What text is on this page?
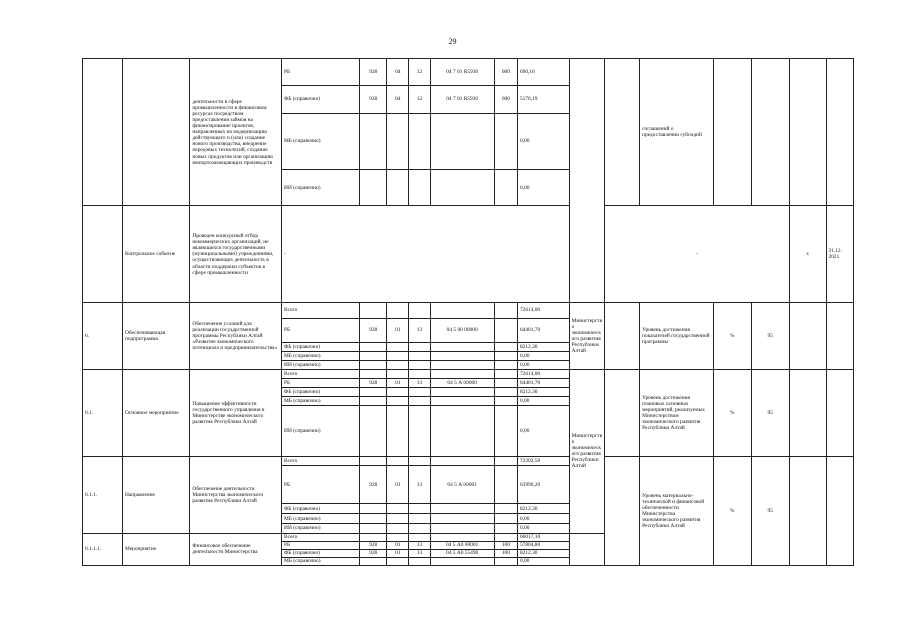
29
		деятельности в сфере промышленности в финансовом ресурсах посредством предоставления займов на финансирование проектов, направленных на модернизацию действующего и (или) создание нового производства, внедрение передовых технологий, создание новых продуктов или организацию импортозамещающих производств	РБ	928	04	12	04 7 01 R5930	600	690,16			соглашений о предоставлении субсидий				
			ФБ (справочно)	928	04	12	04 7 01 R5930	600	5176,19							
			МБ (справочно)						0,00							
			ИИ (справочно)						0,00							
	Контрольное событие	Проведен конкурсный отбор некоммерческих организаций, не являющихся государственными (муниципальными) учреждениями, осуществляющих деятельность в области поддержки субъектов в сфере промышленности	-								-				x	31.12. 2021
6.	Обеспечивающая подпрограмма	Обеспечение условий для реализации государственной программы Республики Алтай «Развитие экономического потенциала и предпринимательства»	Всего						72614,00	Министерство экономического развития Республики Алтай		Уровень достижения показателей государственной программы	%	95		
			РБ	928	01	13	04 5 00 00000		64401,70							
			ФБ (справочно)						8212,30							
			МБ (справочно)						0,00							
			ИИ (справочно)						0,00							
6.1.	Основное мероприятие	Повышение эффективности государственного управления в Министерстве экономического развития Республики Алтай	Всего						72614,00	Министерство экономического развития Республики Алтай		Уровень достижения плановых основных мероприятий, реализуемых Министерством экономического развития Республики Алтай	%	95		
			РБ	928	01	13	04 5 А 00000		64401,70							
			ФБ (справочно)						8212,30							
			МБ (справочно)						0,00							
			ИИ (справочно)						0,00							
6.1.1.	Направление	Обеспечение деятельности Министерства экономического развития Республики Алтай	Всего						72202,50			Уровень материально-технической и финансовой обеспеченности Министерства экономического развития Республики Алтай	%	95		
			РБ	928	01	13	04 5 А 00001		63990,20							
			ФБ (справочно)						8212,30							
			МБ (справочно)						0,00							
			ИИ (справочно)						0,00							
6.1.1.1.	Мероприятие	Финансовое обеспечение деятельности Министерства	Всего						66017,10							
			РБ	928	01	13	04 5 А0 00001	100	57804,80							
			ФБ (справочно)	928	01	13	04 5 А0 55490	100	8212,30							
			МБ (справочно)						0,00							
